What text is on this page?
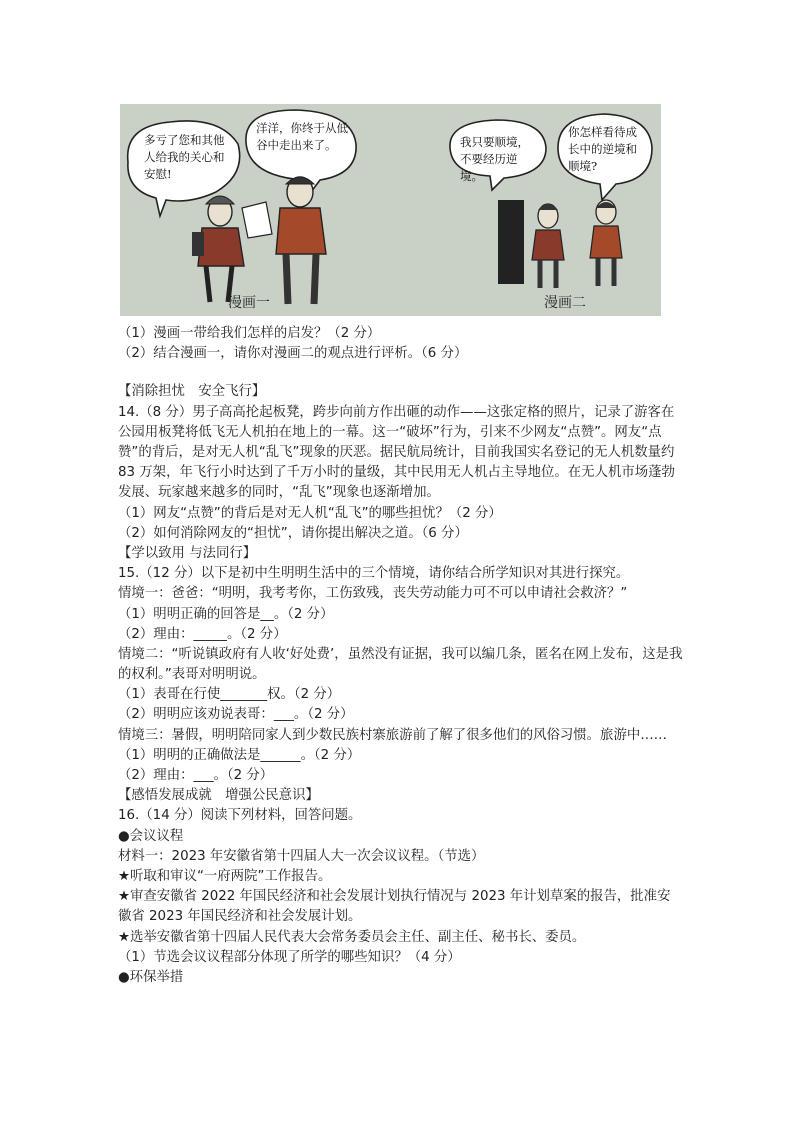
多亏了您和其他人给我的关心和安慰!
洋洋，你终于从低谷中走出来了。	我只要顺境，不要经历逆境。
你怎样看待成长中的逆境和顺境?
漫画一	漫画二
（1）漫画一带给我们怎样的启发？（2 分）
（2）结合漫画一，请你对漫画二的观点进行评析。（6 分）
【消除担忧　安全飞行】
14.（8 分）男子高高抡起板凳，跨步向前方作出砸的动作——这张定格的照片，记录了游客在公园用板凳将低飞无人机拍在地上的一幕。这一“破坏”行为，引来不少网友“点赞”。网友“点赞”的背后，是对无人机“乱飞”现象的厌恶。据民航局统计，目前我国实名登记的无人机数量约 83 万架，年飞行小时达到了千万小时的量级，其中民用无人机占主导地位。在无人机市场蓬勃发展、玩家越来越多的同时，“乱飞”现象也逐渐增加。
（1）网友“点赞”的背后是对无人机“乱飞”的哪些担忧？（2 分）
（2）如何消除网友的“担忧”，请你提出解决之道。（6 分）
【学以致用 与法同行】
15.（12 分）以下是初中生明明生活中的三个情境，请你结合所学知识对其进行探究。
情境一：爸爸：“明明，我考考你，工伤致残，丧失劳动能力可不可以申请社会救济？”
（1）明明正确的回答是__。（2 分）
（2）理由：_____。（2 分）
情境二：“听说镇政府有人收‘好处费’，虽然没有证据，我可以编几条，匿名在网上发布，这是我的权利。”表哥对明明说。
（1）表哥在行使_______权。（2 分）
（2）明明应该劝说表哥：___。（2 分）
情境三：暑假，明明陪同家人到少数民族村寨旅游前了解了很多他们的风俗习惯。旅游中……（1）明明的正确做法是______。（2 分）
（2）理由：___。（2 分）
【感悟发展成就　增强公民意识】
16.（14 分）阅读下列材料，回答问题。
●会议议程
材料一：2023 年安徽省第十四届人大一次会议议程。（节选）
★听取和审议“一府两院”工作报告。
★审查安徽省 2022 年国民经济和社会发展计划执行情况与 2023 年计划草案的报告，批准安徽省 2023 年国民经济和社会发展计划。
★选举安徽省第十四届人民代表大会常务委员会主任、副主任、秘书长、委员。
（1）节选会议议程部分体现了所学的哪些知识？（4 分）
●环保举措
